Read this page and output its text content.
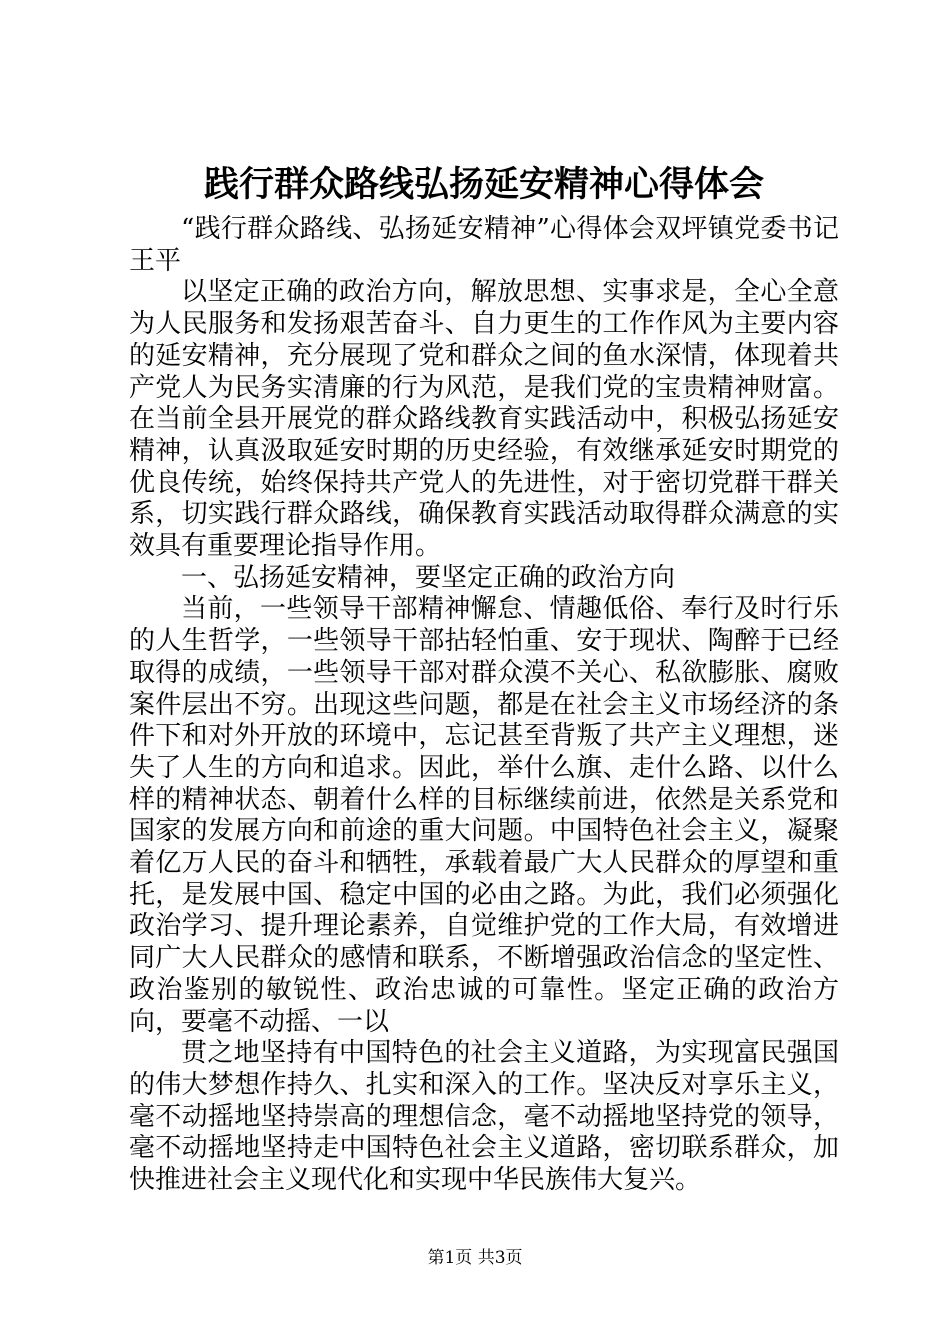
践行群众路线弘扬延安精神心得体会

“践行群众路线、弘扬延安精神”心得体会双坪镇党委书记王平

以坚定正确的政治方向，解放思想、实事求是，全心全意为人民服务和发扬艰苦奋斗、自力更生的工作作风为主要内容的延安精神，充分展现了党和群众之间的鱼水深情，体现着共产党人为民务实清廉的行为风范，是我们党的宝贵精神财富。在当前全县开展党的群众路线教育实践活动中，积极弘扬延安精神，认真汲取延安时期的历史经验，有效继承延安时期党的优良传统，始终保持共产党人的先进性，对于密切党群干群关系，切实践行群众路线，确保教育实践活动取得群众满意的实效具有重要理论指导作用。

一、弘扬延安精神，要坚定正确的政治方向

当前，一些领导干部精神懈怠、情趣低俗、奉行及时行乐的人生哲学，一些领导干部拈轻怕重、安于现状、陶醉于已经取得的成绩，一些领导干部对群众漠不关心、私欲膨胀、腐败案件层出不穷。出现这些问题，都是在社会主义市场经济的条件下和对外开放的环境中，忘记甚至背叛了共产主义理想，迷失了人生的方向和追求。因此，举什么旗、走什么路、以什么样的精神状态、朝着什么样的目标继续前进，依然是关系党和国家的发展方向和前途的重大问题。中国特色社会主义，凝聚着亿万人民的奋斗和牺牲，承载着最广大人民群众的厚望和重托，是发展中国、稳定中国的必由之路。为此，我们必须强化政治学习、提升理论素养，自觉维护党的工作大局，有效增进同广大人民群众的感情和联系，不断增强政治信念的坚定性、政治鉴别的敏锐性、政治忠诚的可靠性。坚定正确的政治方向，要毫不动摇、一以

贯之地坚持有中国特色的社会主义道路，为实现富民强国的伟大梦想作持久、扎实和深入的工作。坚决反对享乐主义，毫不动摇地坚持崇高的理想信念，毫不动摇地坚持党的领导，毫不动摇地坚持走中国特色社会主义道路，密切联系群众，加快推进社会主义现代化和实现中华民族伟大复兴。

第1页 共3页
